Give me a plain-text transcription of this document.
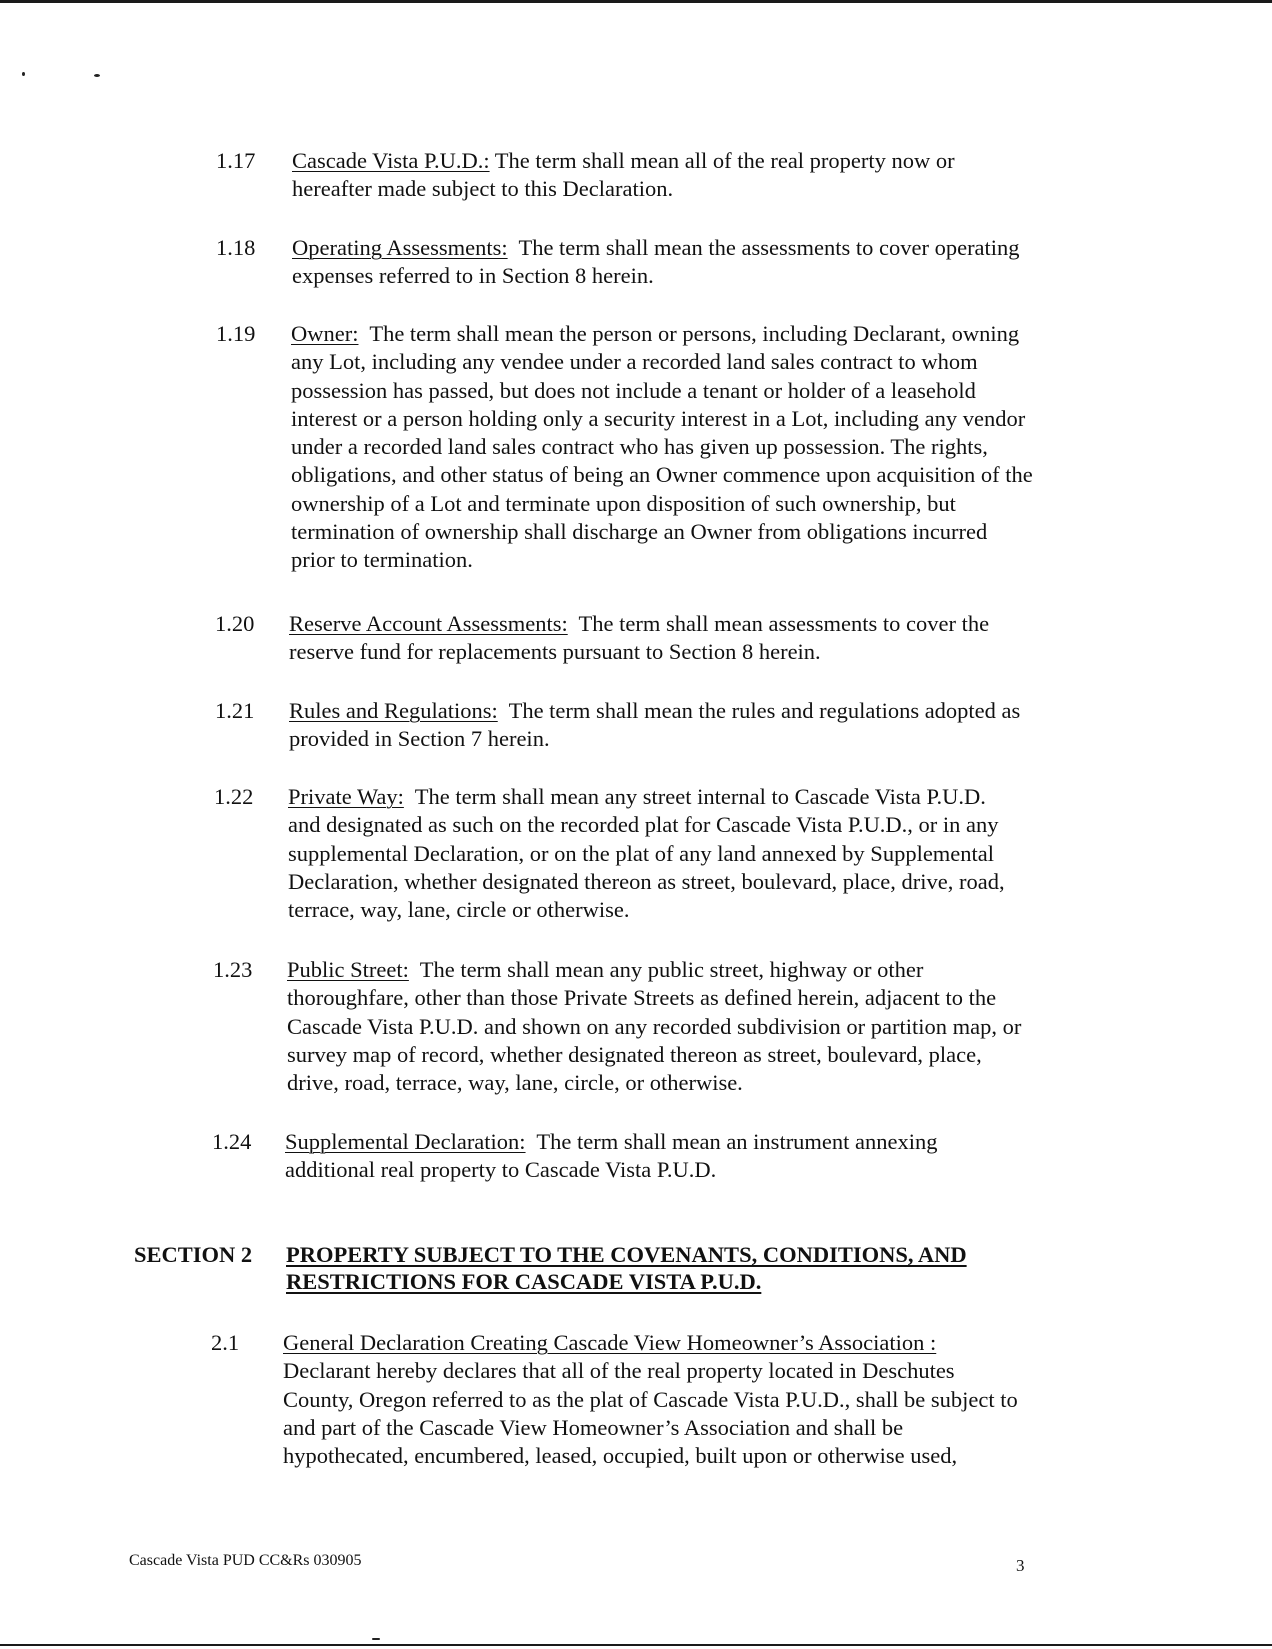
1.17 Cascade Vista P.U.D.: The term shall mean all of the real property now or
hereafter made subject to this Declaration.
1.18 Operating Assessments:  The term shall mean the assessments to cover operating
expenses referred to in Section 8 herein.
1.19 Owner:  The term shall mean the person or persons, including Declarant, owning
any Lot, including any vendee under a recorded land sales contract to whom
possession has passed, but does not include a tenant or holder of a leasehold
interest or a person holding only a security interest in a Lot, including any vendor
under a recorded land sales contract who has given up possession. The rights,
obligations, and other status of being an Owner commence upon acquisition of the
ownership of a Lot and terminate upon disposition of such ownership, but
termination of ownership shall discharge an Owner from obligations incurred
prior to termination.
1.20 Reserve Account Assessments:  The term shall mean assessments to cover the
reserve fund for replacements pursuant to Section 8 herein.
1.21 Rules and Regulations:  The term shall mean the rules and regulations adopted as
provided in Section 7 herein.
1.22 Private Way:  The term shall mean any street internal to Cascade Vista P.U.D.
and designated as such on the recorded plat for Cascade Vista P.U.D., or in any
supplemental Declaration, or on the plat of any land annexed by Supplemental
Declaration, whether designated thereon as street, boulevard, place, drive, road,
terrace, way, lane, circle or otherwise.
1.23 Public Street:  The term shall mean any public street, highway or other
thoroughfare, other than those Private Streets as defined herein, adjacent to the
Cascade Vista P.U.D. and shown on any recorded subdivision or partition map, or
survey map of record, whether designated thereon as street, boulevard, place,
drive, road, terrace, way, lane, circle, or otherwise.
1.24 Supplemental Declaration:  The term shall mean an instrument annexing
additional real property to Cascade Vista P.U.D.
SECTION 2 PROPERTY SUBJECT TO THE COVENANTS, CONDITIONS, AND
RESTRICTIONS FOR CASCADE VISTA P.U.D.
2.1 General Declaration Creating Cascade View Homeowner’s Association :
Declarant hereby declares that all of the real property located in Deschutes
County, Oregon referred to as the plat of Cascade Vista P.U.D., shall be subject to
and part of the Cascade View Homeowner’s Association and shall be
hypothecated, encumbered, leased, occupied, built upon or otherwise used,
Cascade Vista PUD CC&Rs 030905	3
